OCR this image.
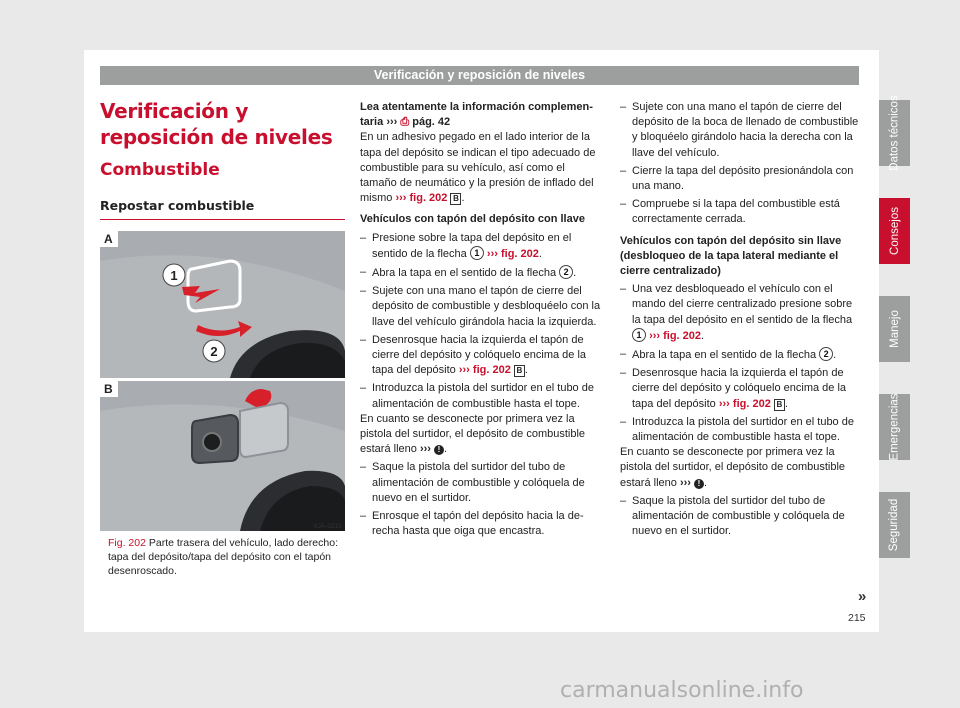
Verificación y reposición de niveles
Verificación y reposición de niveles
Combustible
Repostar combustible
1
2
A
6JA-0215
B
Fig. 202 Parte trasera del vehículo, lado derecho: tapa del depósito/tapa del depósito con el tapón desenroscado.

Lea atentamente la información complementaria ››› ⎙ pág. 42

En un adhesivo pegado en el lado interior de la tapa del depósito se indican el tipo adecuado de combustible para su vehículo, así como el tamaño de neumático y la presión de inflado del mismo ››› fig. 202 B .

Vehículos con tapón del depósito con llave

– Presione sobre la tapa del depósito en el sentido de la flecha 1 ››› fig. 202.
– Abra la tapa en el sentido de la flecha 2 .
– Sujete con una mano el tapón de cierre del depósito de combustible y desbloquéelo con la llave del vehículo girándola hacia la izquierda.
– Desenrosque hacia la izquierda el tapón de cierre del depósito y colóquelo encima de la tapa del depósito ››› fig. 202 B .
– Introduzca la pistola del surtidor en el tubo de alimentación de combustible hasta el tope.

En cuanto se desconecte por primera vez la pistola del surtidor, el depósito de combustible estará lleno ››› ! .

– Saque la pistola del surtidor del tubo de alimentación de combustible y colóquela de nuevo en el surtidor.
– Enrosque el tapón del depósito hacia la derecha hasta que oiga que encastra.
– Sujete con una mano el tapón de cierre del depósito de la boca de llenado de combustible y bloquéelo girándolo hacia la derecha con la llave del vehículo.
– Cierre la tapa del depósito presionándola con una mano.
– Compruebe si la tapa del combustible está correctamente cerrada.

Vehículos con tapón del depósito sin llave (desbloqueo de la tapa lateral mediante el cierre centralizado)

– Una vez desbloqueado el vehículo con el mando del cierre centralizado presione sobre la tapa del depósito en el sentido de la flecha 1 ››› fig. 202.
– Abra la tapa en el sentido de la flecha 2 .
– Desenrosque hacia la izquierda el tapón de cierre del depósito y colóquelo encima de la tapa del depósito ››› fig. 202 B .
– Introduzca la pistola del surtidor en el tubo de alimentación de combustible hasta el tope.

En cuanto se desconecte por primera vez la pistola del surtidor, el depósito de combustible estará lleno ››› ! .

– Saque la pistola del surtidor del tubo de alimentación de combustible y colóquela de nuevo en el surtidor.
»
Datos técnicos
Consejos
Manejo
Emergencias
Seguridad
215
carmanualsonline.info
